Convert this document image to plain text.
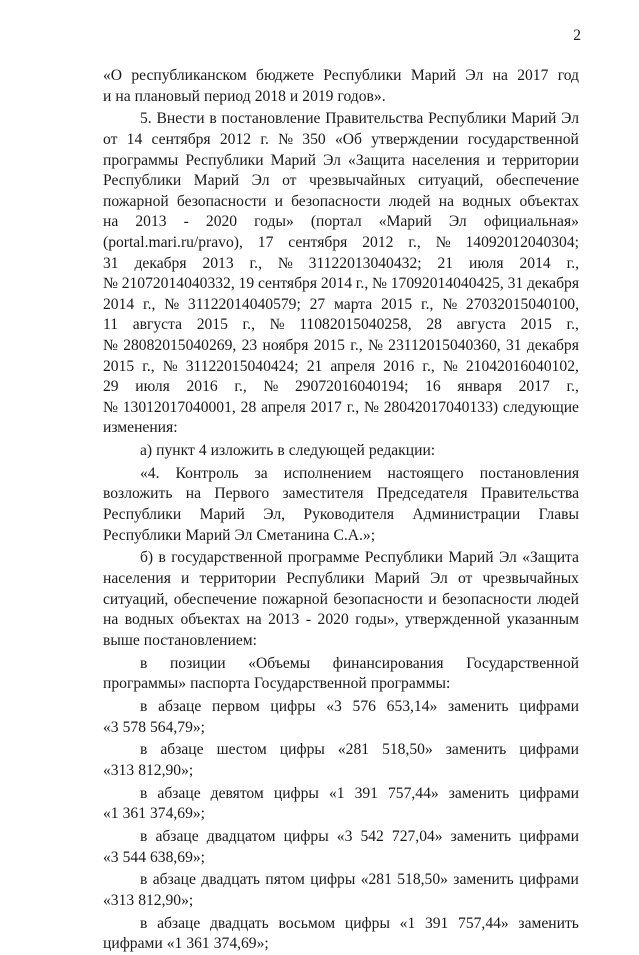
2
«О республиканском бюджете Республики Марий Эл на 2017 год
и на плановый период 2018 и 2019 годов».
5. Внести в постановление Правительства Республики Марий Эл
от 14 сентября 2012 г. № 350 «Об утверждении государственной
программы Республики Марий Эл «Защита населения и территории
Республики Марий Эл от чрезвычайных ситуаций, обеспечение
пожарной безопасности и безопасности людей на водных объектах
на 2013 - 2020 годы» (портал «Марий Эл официальная»
(portal.mari.ru/pravo), 17 сентября 2012 г., № 14092012040304;
31 декабря 2013 г., № 31122013040432; 21 июля 2014 г.,
№ 21072014040332, 19 сентября 2014 г., № 17092014040425, 31 декабря
2014 г., № 31122014040579; 27 марта 2015 г., № 27032015040100,
11 августа 2015 г., № 11082015040258, 28 августа 2015 г.,
№ 28082015040269, 23 ноября 2015 г., № 23112015040360, 31 декабря
2015 г., № 31122015040424; 21 апреля 2016 г., № 21042016040102,
29 июля 2016 г., № 29072016040194; 16 января 2017 г.,
№ 13012017040001, 28 апреля 2017 г., № 28042017040133) следующие
изменения:
а) пункт 4 изложить в следующей редакции:
«4. Контроль за исполнением настоящего постановления
возложить на Первого заместителя Председателя Правительства
Республики Марий Эл, Руководителя Администрации Главы
Республики Марий Эл Сметанина С.А.»;
б) в государственной программе Республики Марий Эл «Защита
населения и территории Республики Марий Эл от чрезвычайных
ситуаций, обеспечение пожарной безопасности и безопасности людей
на водных объектах на 2013 - 2020 годы», утвержденной указанным
выше постановлением:
в позиции «Объемы финансирования Государственной
программы» паспорта Государственной программы:
в абзаце первом цифры «3 576 653,14» заменить цифрами
«3 578 564,79»;
в абзаце шестом цифры «281 518,50» заменить цифрами
«313 812,90»;
в абзаце девятом цифры «1 391 757,44» заменить цифрами
«1 361 374,69»;
в абзаце двадцатом цифры «3 542 727,04» заменить цифрами
«3 544 638,69»;
в абзаце двадцать пятом цифры «281 518,50» заменить цифрами
«313 812,90»;
в абзаце двадцать восьмом цифры «1 391 757,44» заменить
цифрами «1 361 374,69»;
